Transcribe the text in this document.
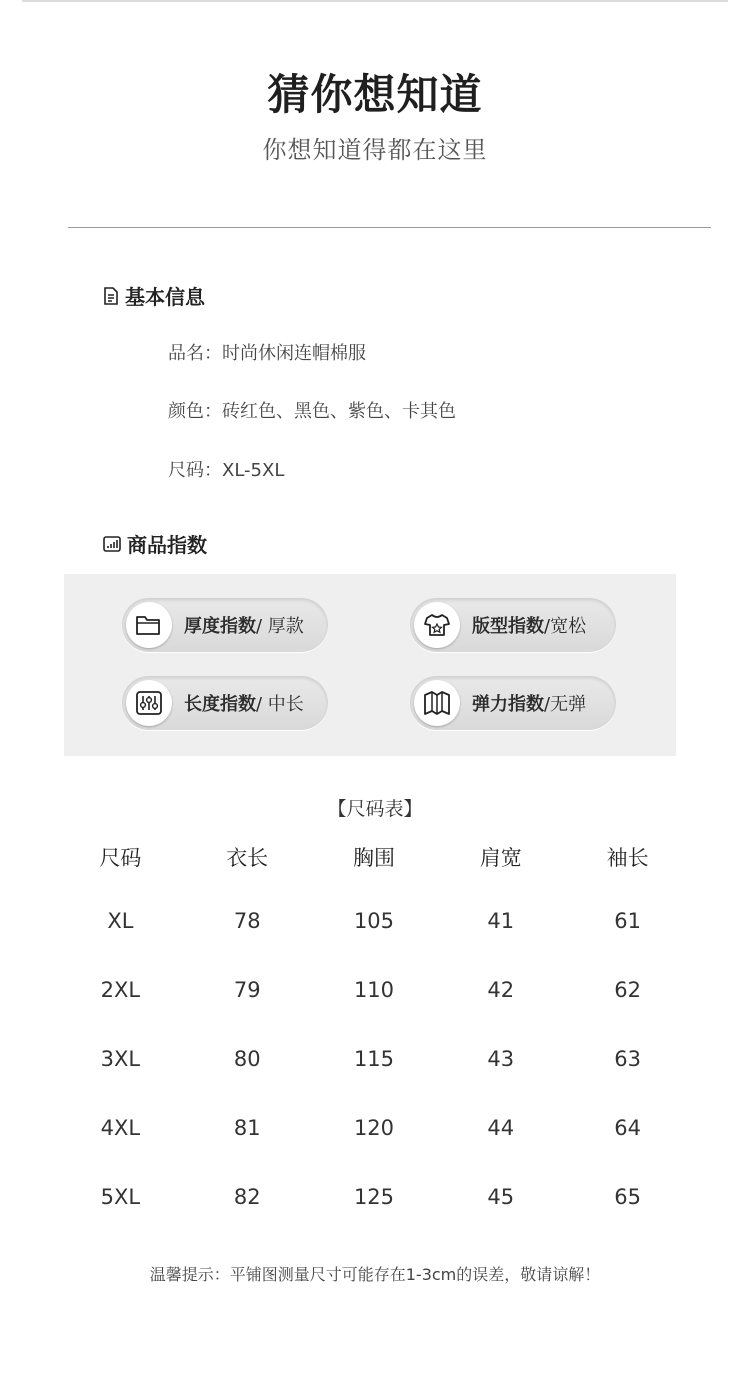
猜你想知道
你想知道得都在这里
基本信息
品名：时尚休闲连帽棉服
颜色：砖红色、黑色、紫色、卡其色
尺码：XL-5XL
商品指数
厚度指数/ 厚款	版型指数/宽松
长度指数/ 中长	弹力指数/无弹
【尺码表】
尺码	衣长	胸围	肩宽	袖长
XL	78	105	41	61
2XL	79	110	42	62
3XL	80	115	43	63
4XL	81	120	44	64
5XL	82	125	45	65
温馨提示：平铺图测量尺寸可能存在1-3cm的误差，敬请谅解！
